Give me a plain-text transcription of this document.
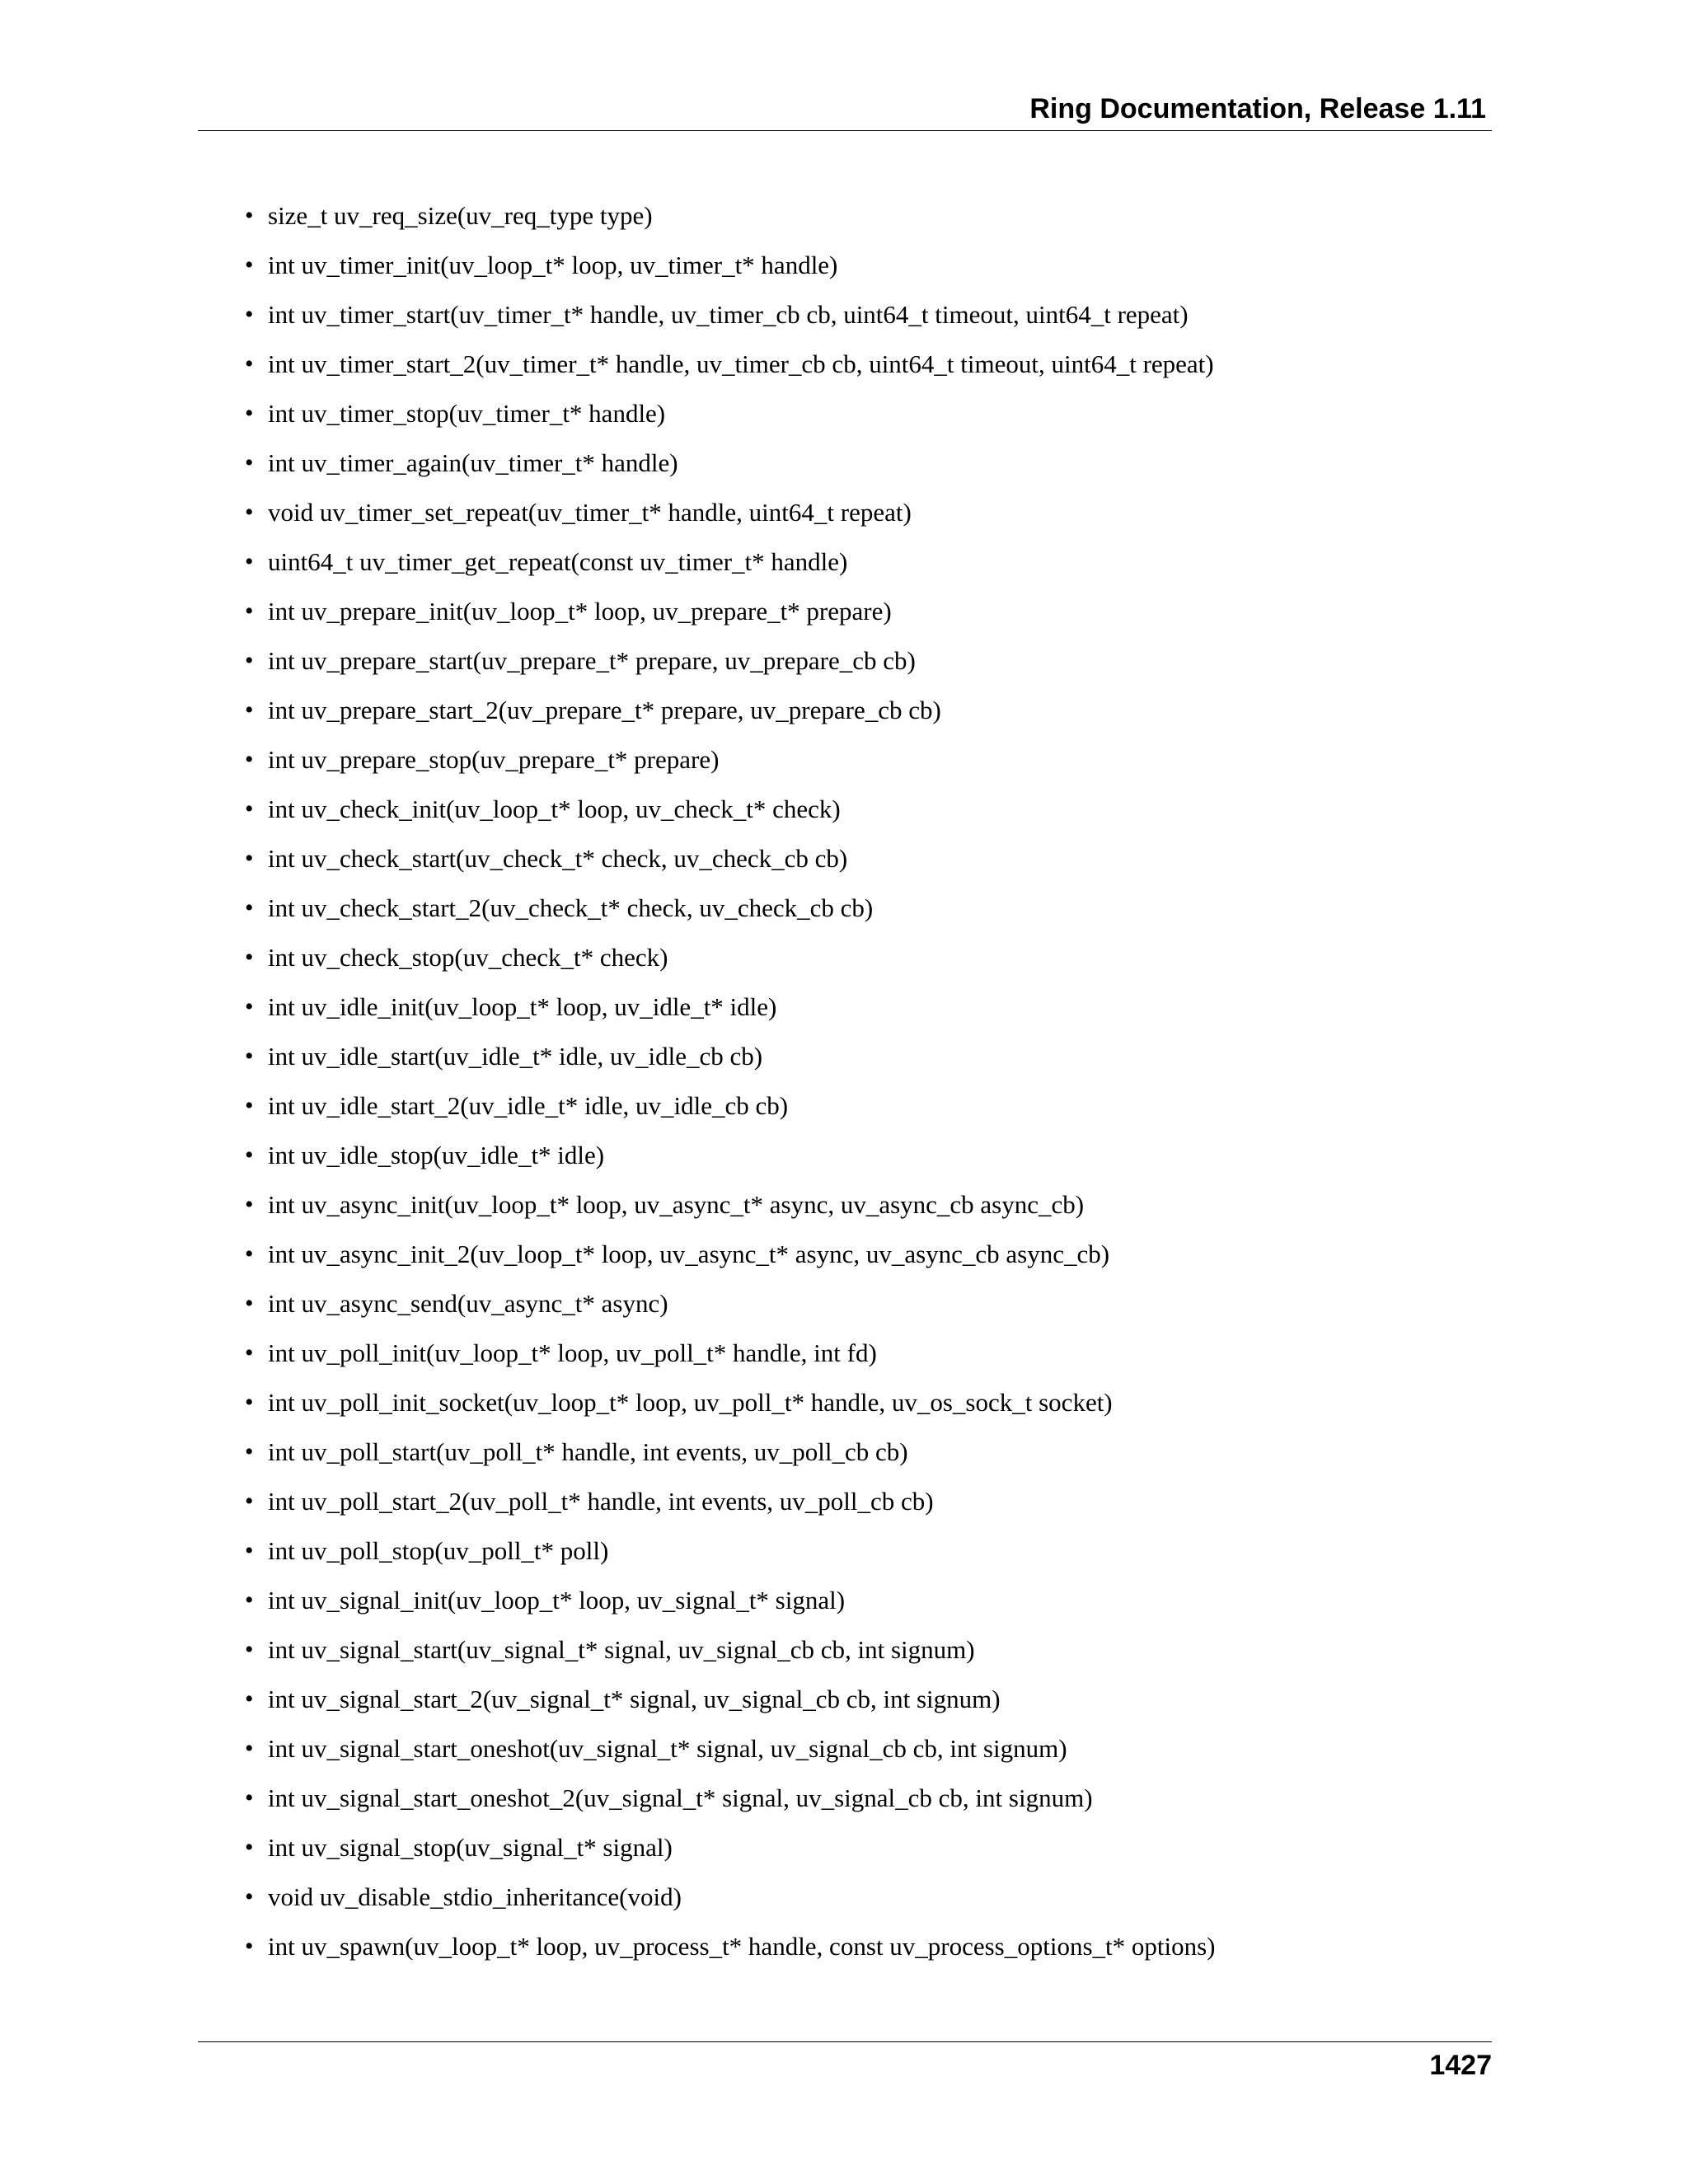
Ring Documentation, Release 1.11
• size_t uv_req_size(uv_req_type type)
• int uv_timer_init(uv_loop_t* loop, uv_timer_t* handle)
• int uv_timer_start(uv_timer_t* handle, uv_timer_cb cb, uint64_t timeout, uint64_t repeat)
• int uv_timer_start_2(uv_timer_t* handle, uv_timer_cb cb, uint64_t timeout, uint64_t repeat)
• int uv_timer_stop(uv_timer_t* handle)
• int uv_timer_again(uv_timer_t* handle)
• void uv_timer_set_repeat(uv_timer_t* handle, uint64_t repeat)
• uint64_t uv_timer_get_repeat(const uv_timer_t* handle)
• int uv_prepare_init(uv_loop_t* loop, uv_prepare_t* prepare)
• int uv_prepare_start(uv_prepare_t* prepare, uv_prepare_cb cb)
• int uv_prepare_start_2(uv_prepare_t* prepare, uv_prepare_cb cb)
• int uv_prepare_stop(uv_prepare_t* prepare)
• int uv_check_init(uv_loop_t* loop, uv_check_t* check)
• int uv_check_start(uv_check_t* check, uv_check_cb cb)
• int uv_check_start_2(uv_check_t* check, uv_check_cb cb)
• int uv_check_stop(uv_check_t* check)
• int uv_idle_init(uv_loop_t* loop, uv_idle_t* idle)
• int uv_idle_start(uv_idle_t* idle, uv_idle_cb cb)
• int uv_idle_start_2(uv_idle_t* idle, uv_idle_cb cb)
• int uv_idle_stop(uv_idle_t* idle)
• int uv_async_init(uv_loop_t* loop, uv_async_t* async, uv_async_cb async_cb)
• int uv_async_init_2(uv_loop_t* loop, uv_async_t* async, uv_async_cb async_cb)
• int uv_async_send(uv_async_t* async)
• int uv_poll_init(uv_loop_t* loop, uv_poll_t* handle, int fd)
• int uv_poll_init_socket(uv_loop_t* loop, uv_poll_t* handle, uv_os_sock_t socket)
• int uv_poll_start(uv_poll_t* handle, int events, uv_poll_cb cb)
• int uv_poll_start_2(uv_poll_t* handle, int events, uv_poll_cb cb)
• int uv_poll_stop(uv_poll_t* poll)
• int uv_signal_init(uv_loop_t* loop, uv_signal_t* signal)
• int uv_signal_start(uv_signal_t* signal, uv_signal_cb cb, int signum)
• int uv_signal_start_2(uv_signal_t* signal, uv_signal_cb cb, int signum)
• int uv_signal_start_oneshot(uv_signal_t* signal, uv_signal_cb cb, int signum)
• int uv_signal_start_oneshot_2(uv_signal_t* signal, uv_signal_cb cb, int signum)
• int uv_signal_stop(uv_signal_t* signal)
• void uv_disable_stdio_inheritance(void)
• int uv_spawn(uv_loop_t* loop, uv_process_t* handle, const uv_process_options_t* options)
1427
